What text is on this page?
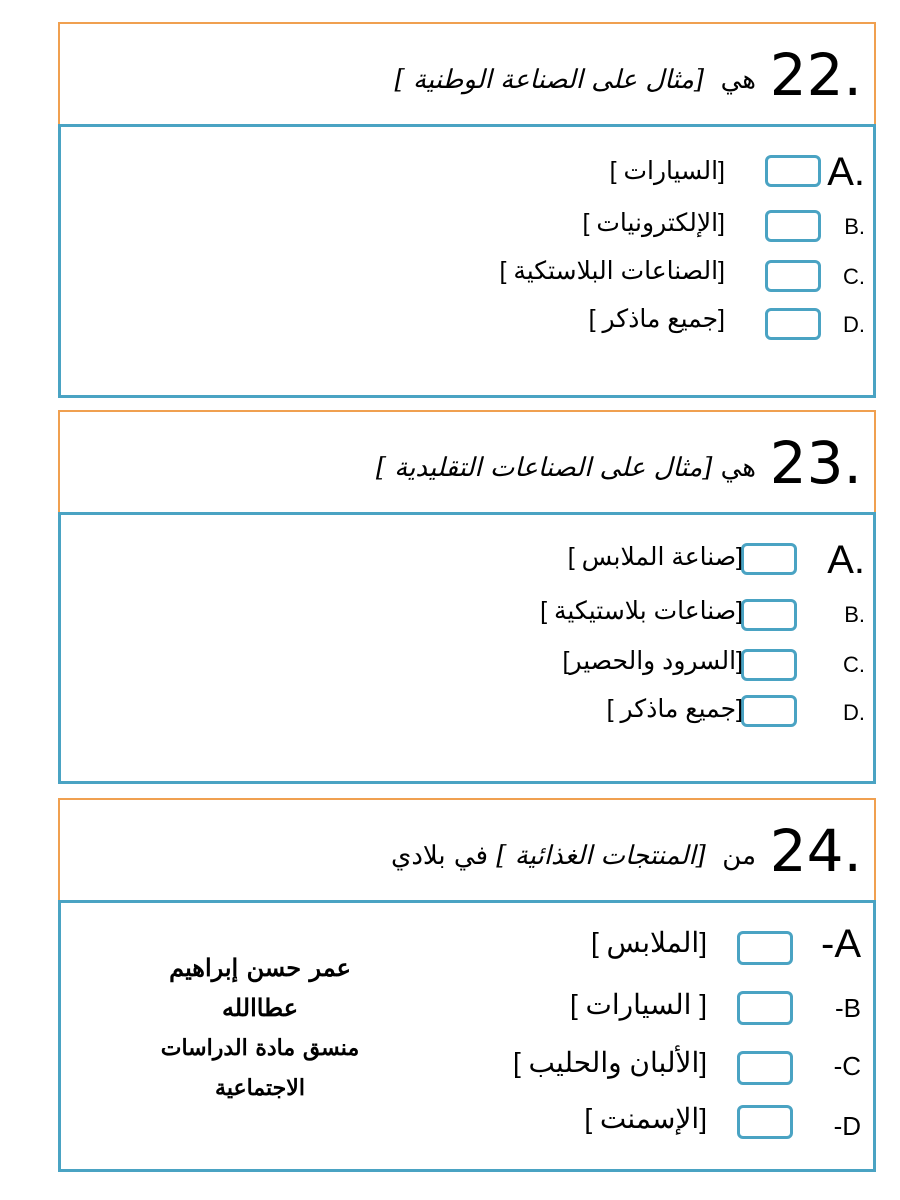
22.
هي  [مثال على الصناعة الوطنية ]
A.
[السيارات ]
B.
[الإلكترونيات ]
C.
[الصناعات البلاستكية ]
D.
[جميع ماذكر ]
23.
هي [مثال على الصناعات التقليدية ]
A.
[صناعة الملابس ]
B.
[صناعات بلاستيكية ]
C.
[السرود والحصير]
D.
[جميع ماذكر ]
24.
من  [المنتجات الغذائية ] في بلادي
-A
[الملابس ]
-B
[ السيارات ]
-C
[الألبان والحليب ]
-D
[الإسمنت ]
عمر حسن إبراهيم عطاالله
منسق مادة الدراسات الاجتماعية
